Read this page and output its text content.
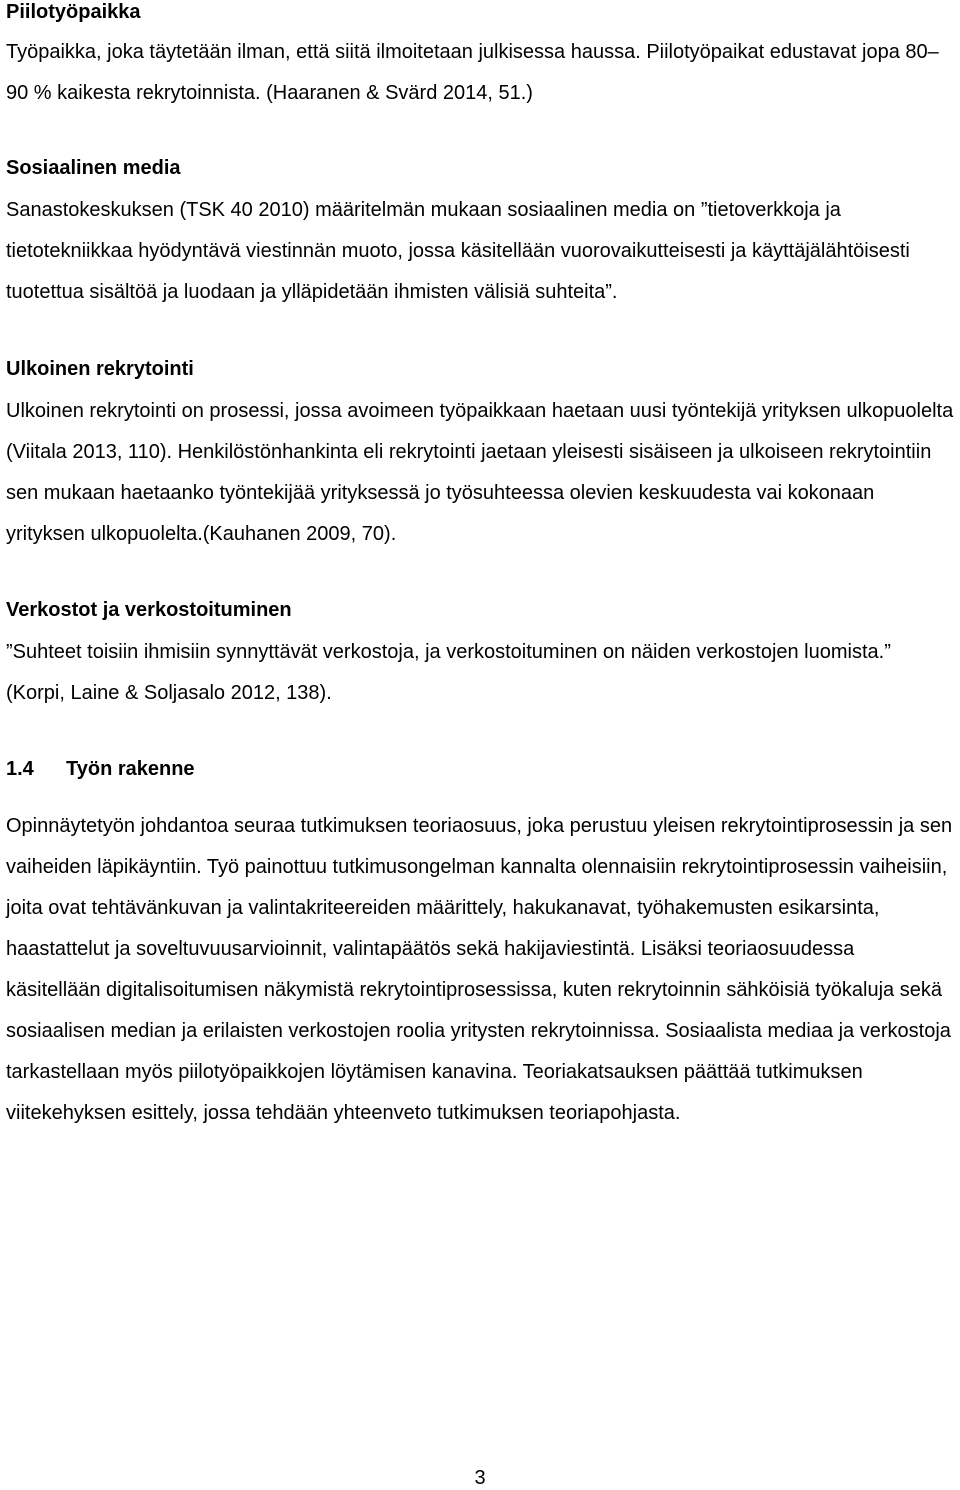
Piilotyöpaikka

Työpaikka, joka täytetään ilman, että siitä ilmoitetaan julkisessa haussa. Piilotyöpaikat edustavat jopa 80–90 % kaikesta rekrytoinnista. (Haaranen & Svärd 2014, 51.)

Sosiaalinen media

Sanastokeskuksen (TSK 40 2010) määritelmän mukaan sosiaalinen media on ”tietoverkkoja ja tietotekniikkaa hyödyntävä viestinnän muoto, jossa käsitellään vuorovaikutteisesti ja käyttäjälähtöisesti tuotettua sisältöä ja luodaan ja ylläpidetään ihmisten välisiä suhteita”.

Ulkoinen rekrytointi

Ulkoinen rekrytointi on prosessi, jossa avoimeen työpaikkaan haetaan uusi työntekijä yrityksen ulkopuolelta (Viitala 2013, 110). Henkilöstönhankinta eli rekrytointi jaetaan yleisesti sisäiseen ja ulkoiseen rekrytointiin sen mukaan haetaanko työntekijää yrityksessä jo työsuhteessa olevien keskuudesta vai kokonaan yrityksen ulkopuolelta.(Kauhanen 2009, 70).

Verkostot ja verkostoituminen

”Suhteet toisiin ihmisiin synnyttävät verkostoja, ja verkostoituminen on näiden verkostojen luomista.” (Korpi, Laine & Soljasalo 2012, 138).

1.4 Työn rakenne

Opinnäytetyön johdantoa seuraa tutkimuksen teoriaosuus, joka perustuu yleisen rekrytointiprosessin ja sen vaiheiden läpikäyntiin. Työ painottuu tutkimusongelman kannalta olennaisiin rekrytointiprosessin vaiheisiin, joita ovat tehtävänkuvan ja valintakriteereiden määrittely, hakukanavat, työhakemusten esikarsinta, haastattelut ja soveltuvuusarvioinnit, valintapäätös sekä hakijaviestintä. Lisäksi teoriaosuudessa käsitellään digitalisoitumisen näkymistä rekrytointiprosessissa, kuten rekrytoinnin sähköisiä työkaluja sekä sosiaalisen median ja erilaisten verkostojen roolia yritysten rekrytoinnissa. Sosiaalista mediaa ja verkostoja tarkastellaan myös piilotyöpaikkojen löytämisen kanavina. Teoriakatsauksen päättää tutkimuksen viitekehyksen esittely, jossa tehdään yhteenveto tutkimuksen teoriapohjasta.

3
